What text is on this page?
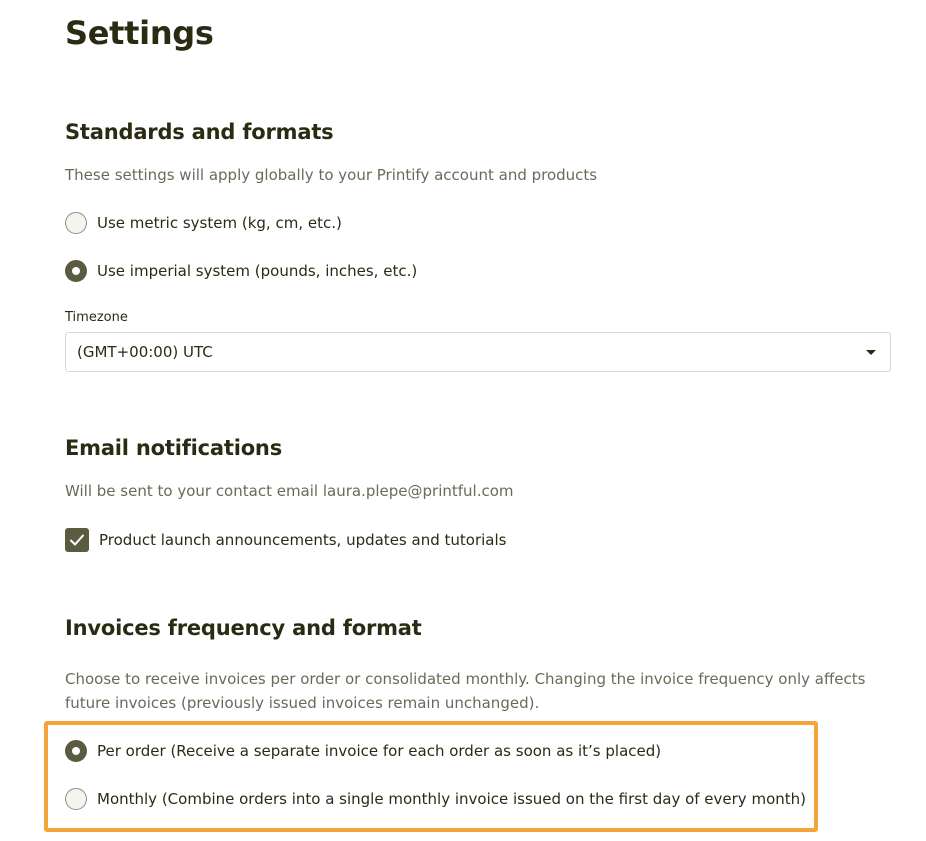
Settings
Standards and formats

These settings will apply globally to your Printify account and products

Use metric system (kg, cm, etc.)
Use imperial system (pounds, inches, etc.)
Timezone
(GMT+00:00) UTC
Email notifications

Will be sent to your contact email laura.plepe@printful.com

Product launch announcements, updates and tutorials
Invoices frequency and format

Choose to receive invoices per order or consolidated monthly. Changing the invoice frequency only affects

future invoices (previously issued invoices remain unchanged).

Per order (Receive a separate invoice for each order as soon as it’s placed)
Monthly (Combine orders into a single monthly invoice issued on the first day of every month)
